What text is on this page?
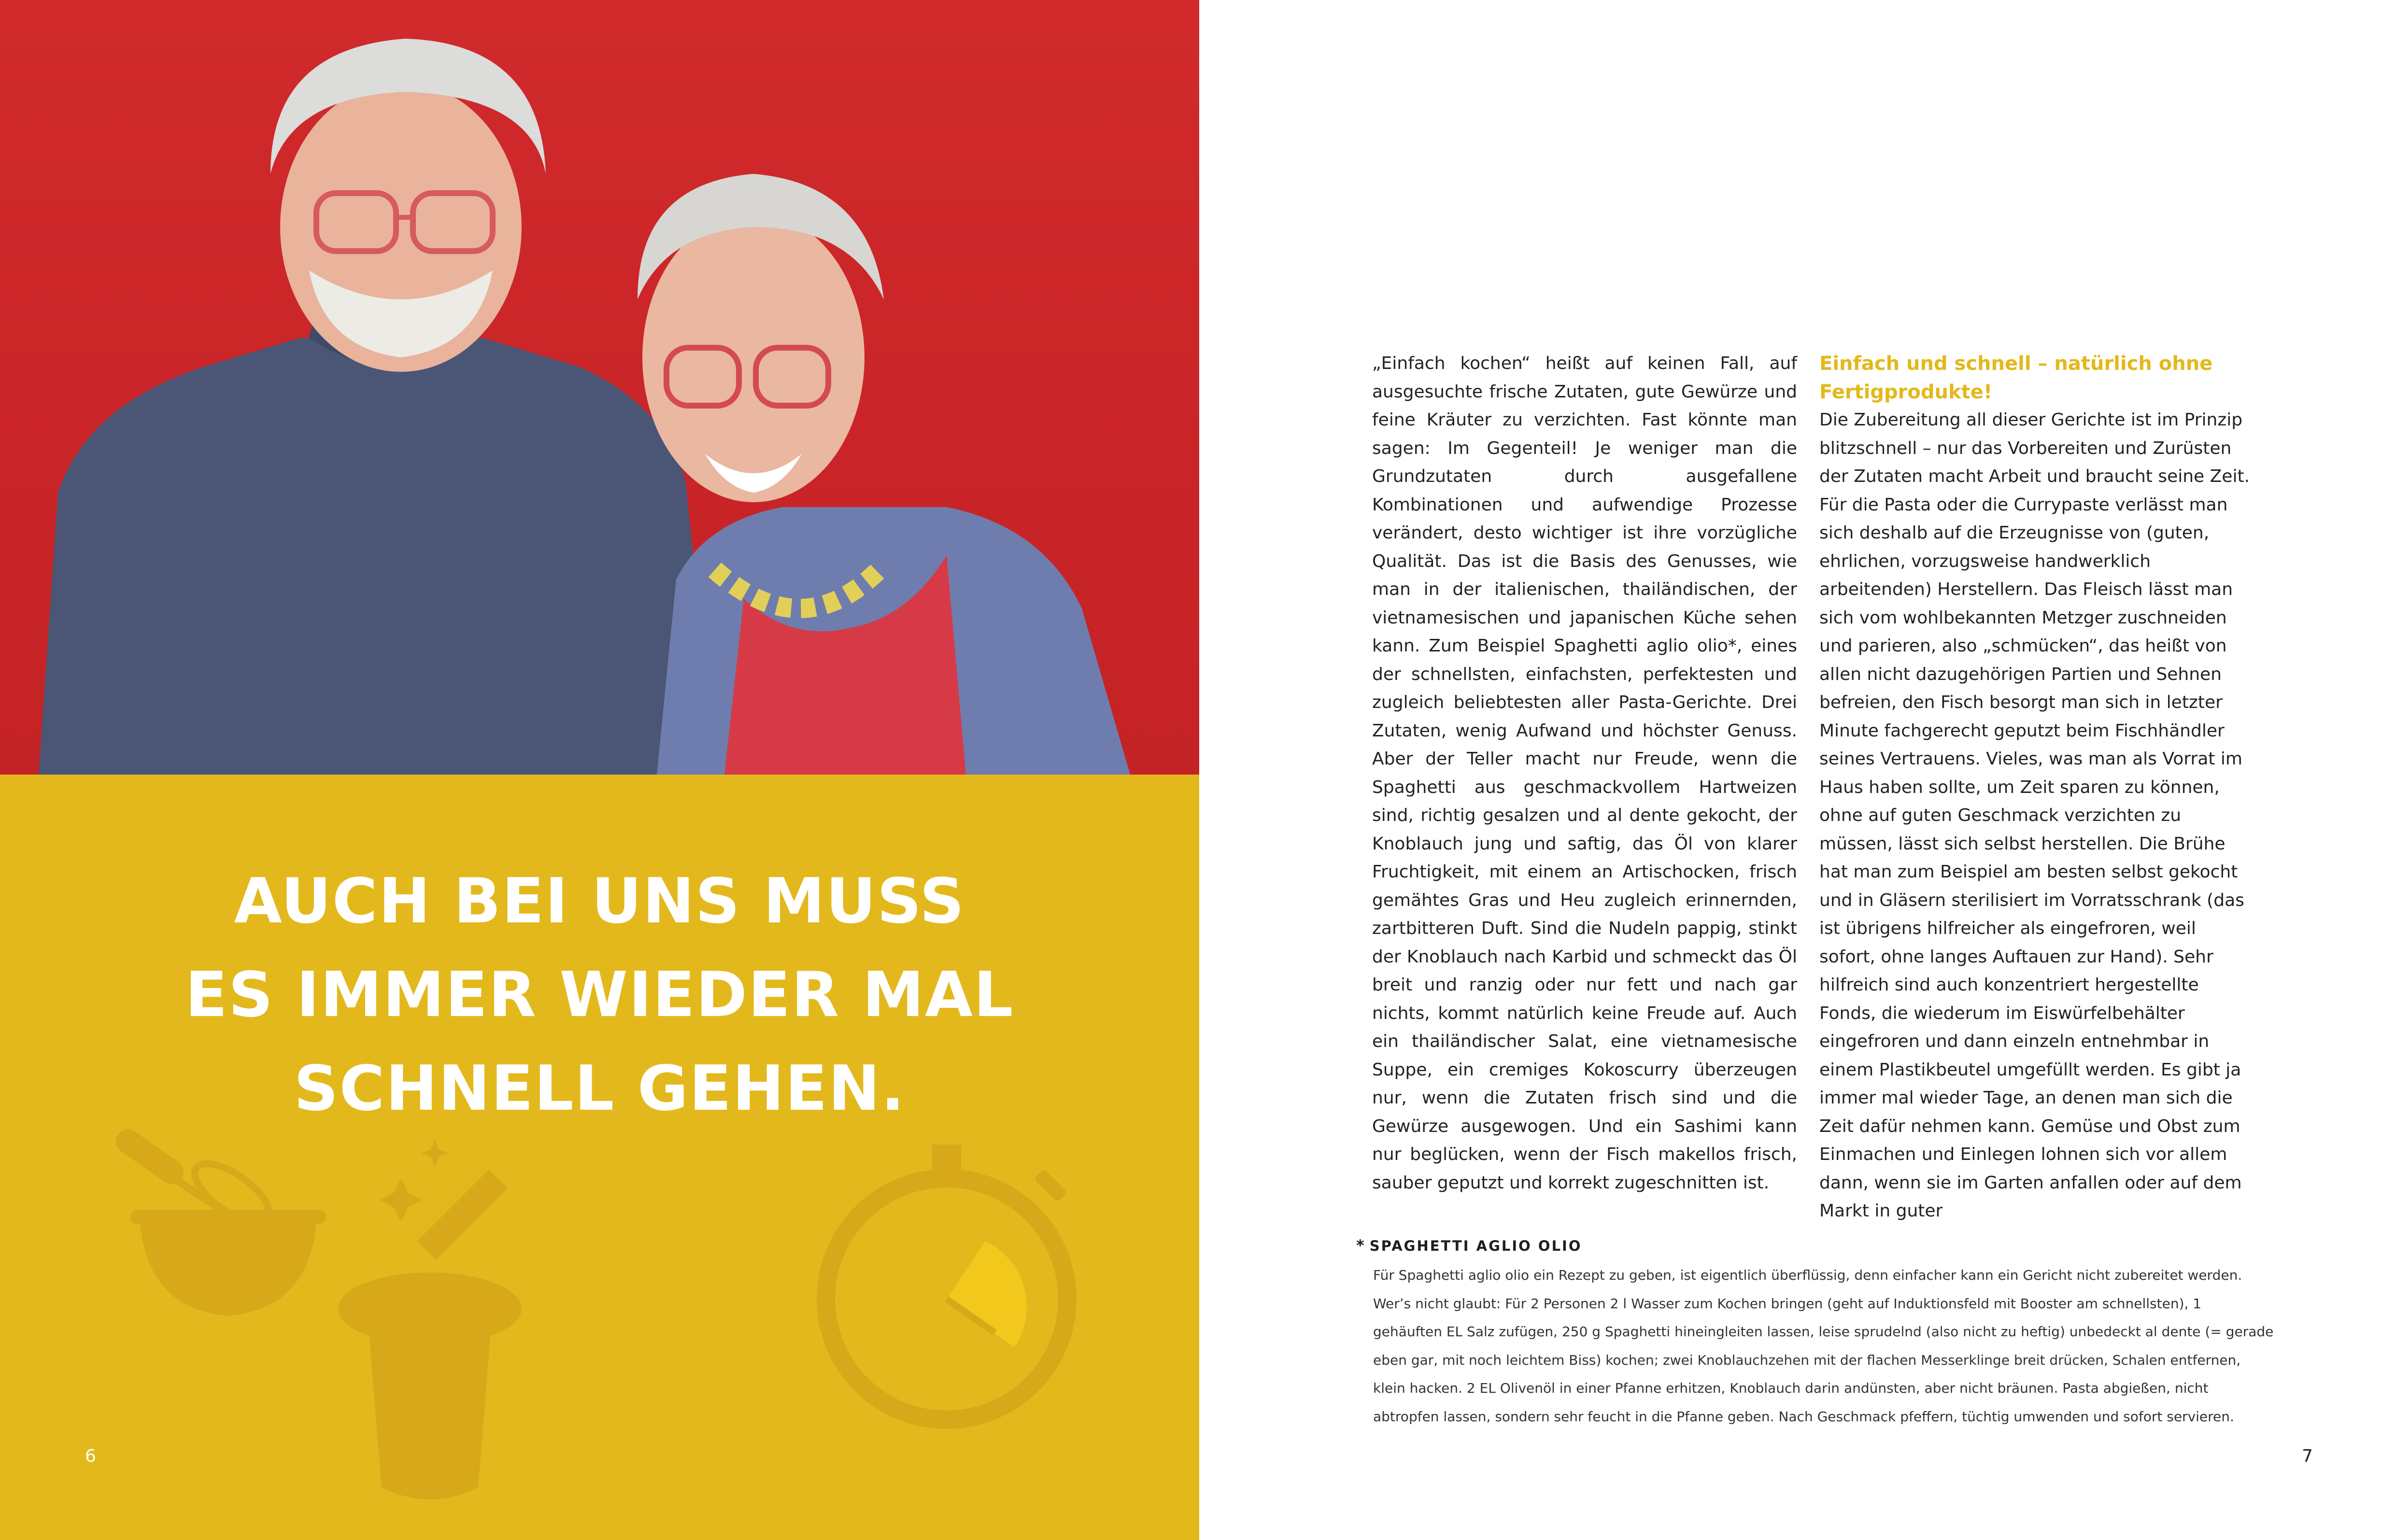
AUCH BEI UNS MUSS
ES IMMER WIEDER MAL
SCHNELL GEHEN.
6

„Einfach kochen“ heißt auf keinen Fall, auf ausgesuchte frische Zutaten, gute Gewürze und feine Kräuter zu verzichten. Fast könnte man sagen: Im Gegenteil! Je weniger man die Grundzutaten durch ausgefallene Kombinationen und aufwendige Prozesse verändert, desto wichtiger ist ihre vorzügliche Qualität. Das ist die Basis des Genusses, wie man in der italienischen, thailändischen, der vietnamesischen und japanischen Küche sehen kann. Zum Beispiel Spaghetti aglio olio*, eines der schnellsten, einfachsten, perfektesten und zugleich beliebtesten aller Pasta-Gerichte. Drei Zutaten, wenig Aufwand und höchster Genuss. Aber der Teller macht nur Freude, wenn die Spaghetti aus geschmackvollem Hartweizen sind, richtig gesalzen und al dente gekocht, der Knoblauch jung und saftig, das Öl von klarer Fruchtigkeit, mit einem an Artischocken, frisch gemähtes Gras und Heu zugleich erinnernden, zartbitteren Duft. Sind die Nudeln pappig, stinkt der Knoblauch nach Karbid und schmeckt das Öl breit und ranzig oder nur fett und nach gar nichts, kommt natürlich keine Freude auf. Auch ein thailändischer Salat, eine vietnamesische Suppe, ein cremiges Kokoscurry überzeugen nur, wenn die Zutaten frisch sind und die Gewürze ausgewogen. Und ein Sashimi kann nur beglücken, wenn der Fisch makellos frisch, sauber geputzt und korrekt zugeschnitten ist.

Einfach und schnell – natürlich ohne Fertigprodukte!

Die Zubereitung all dieser Gerichte ist im Prinzip blitzschnell – nur das Vorbereiten und Zurüsten der Zutaten macht Arbeit und braucht seine Zeit. Für die Pasta oder die Currypaste verlässt man sich deshalb auf die Erzeugnisse von (guten, ehrlichen, vorzugsweise handwerklich arbeitenden) Herstellern. Das Fleisch lässt man sich vom wohlbekannten Metzger zuschneiden und parieren, also „schmücken“, das heißt von allen nicht dazugehörigen Partien und Sehnen befreien, den Fisch besorgt man sich in letzter Minute fachgerecht geputzt beim Fischhändler seines Vertrauens. Vieles, was man als Vorrat im Haus haben sollte, um Zeit sparen zu können, ohne auf guten Geschmack verzichten zu müssen, lässt sich selbst herstellen. Die Brühe hat man zum Beispiel am besten selbst gekocht und in Gläsern sterilisiert im Vorratsschrank (das ist übrigens hilfreicher als eingefroren, weil sofort, ohne langes Auftauen zur Hand). Sehr hilfreich sind auch konzentriert hergestellte Fonds, die wiederum im Eiswürfelbehälter eingefroren und dann einzeln entnehmbar in einem Plastikbeutel umgefüllt werden. Es gibt ja immer mal wieder Tage, an denen man sich die Zeit dafür nehmen kann. Gemüse und Obst zum Einmachen und Einlegen lohnen sich vor allem dann, wenn sie im Garten anfallen oder auf dem Markt in guter

* SPAGHETTI AGLIO OLIO

Für Spaghetti aglio olio ein Rezept zu geben, ist eigentlich überflüssig, denn einfacher kann ein Gericht nicht zubereitet werden. Wer’s nicht glaubt: Für 2 Personen 2 l Wasser zum Kochen bringen (geht auf Induktionsfeld mit Booster am schnellsten), 1 gehäuften EL Salz zufügen, 250 g Spaghetti hineingleiten lassen, leise sprudelnd (also nicht zu heftig) unbedeckt al dente (= gerade eben gar, mit noch leichtem Biss) kochen; zwei Knoblauchzehen mit der flachen Messerklinge breit drücken, Schalen entfernen, klein hacken. 2 EL Olivenöl in einer Pfanne erhitzen, Knoblauch darin andünsten, aber nicht bräunen. Pasta abgießen, nicht abtropfen lassen, sondern sehr feucht in die Pfanne geben. Nach Geschmack pfeffern, tüchtig umwenden und sofort servieren.

7
